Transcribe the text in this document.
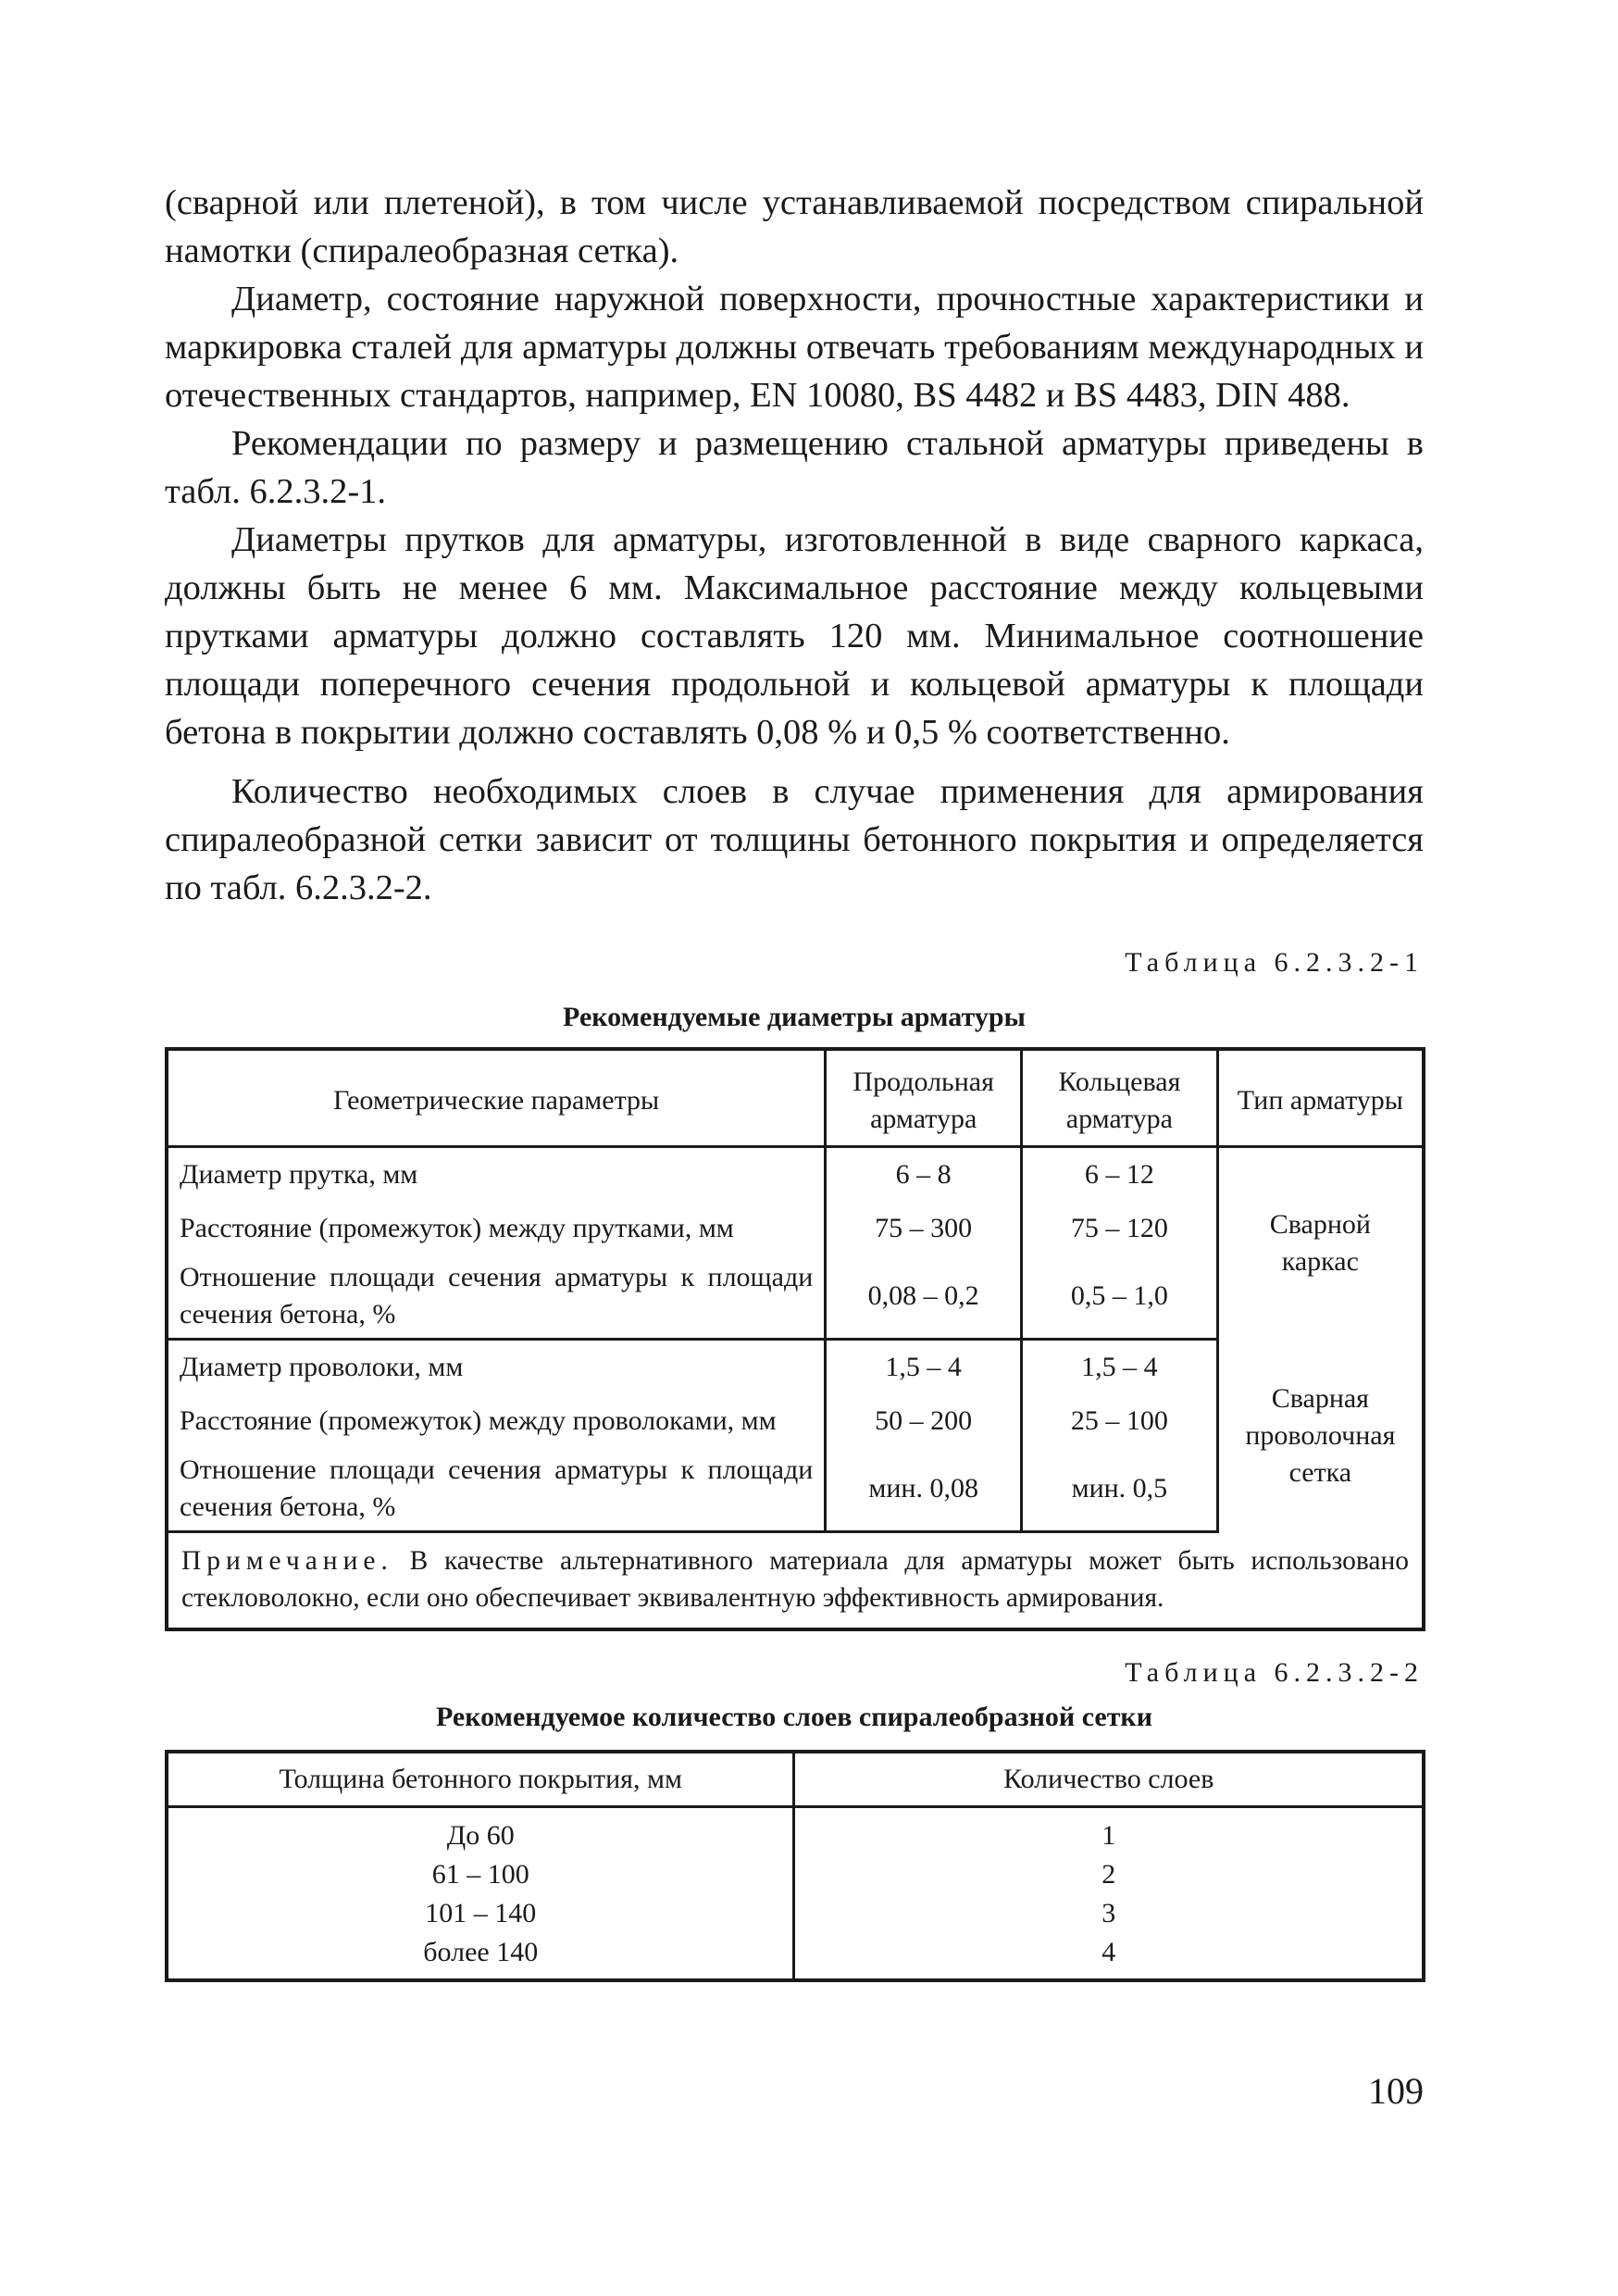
(сварной или плетеной), в том числе устанавливаемой посредством спиральной намотки (спиралеобразная сетка).

Диаметр, состояние наружной поверхности, прочностные характеристики и маркировка сталей для арматуры должны отвечать требованиям международных и отечественных стандартов, например, EN 10080, BS 4482 и BS 4483, DIN 488.

Рекомендации по размеру и размещению стальной арматуры приведены в табл. 6.2.3.2-1.

Диаметры прутков для арматуры, изготовленной в виде сварного каркаса, должны быть не менее 6 мм. Максимальное расстояние между кольцевыми прутками арматуры должно составлять 120 мм. Минимальное соотношение площади поперечного сечения продольной и кольцевой арматуры к площади бетона в покрытии должно составлять 0,08 % и 0,5 % соответственно.

Количество необходимых слоев в случае применения для армирования спиралеобразной сетки зависит от толщины бетонного покрытия и определяется по табл. 6.2.3.2-2.

Таблица 6.2.3.2-1
Рекомендуемые диаметры арматуры
Геометрические параметры	Продольная арматура	Кольцевая арматура	Тип арматуры
Диаметр прутка, мм	6 – 8	6 – 12	Сварной каркас
Расстояние (промежуток) между прутками, мм	75 – 300	75 – 120	
Отношение площади сечения арматуры к площади сечения бетона, %	0,08 – 0,2	0,5 – 1,0	
Диаметр проволоки, мм	1,5 – 4	1,5 – 4	Сварная проволочная сетка
Расстояние (промежуток) между проволоками, мм	50 – 200	25 – 100	
Отношение площади сечения арматуры к площади сечения бетона, %	мин. 0,08	мин. 0,5	
Примечание. В качестве альтернативного материала для арматуры может быть использовано стекловолокно, если оно обеспечивает эквивалентную эффективность армирования.			
Таблица 6.2.3.2-2
Рекомендуемое количество слоев спиралеобразной сетки
Толщина бетонного покрытия, мм	Количество слоев
До 60	1
61 – 100	2
101 – 140	3
более 140	4
109
